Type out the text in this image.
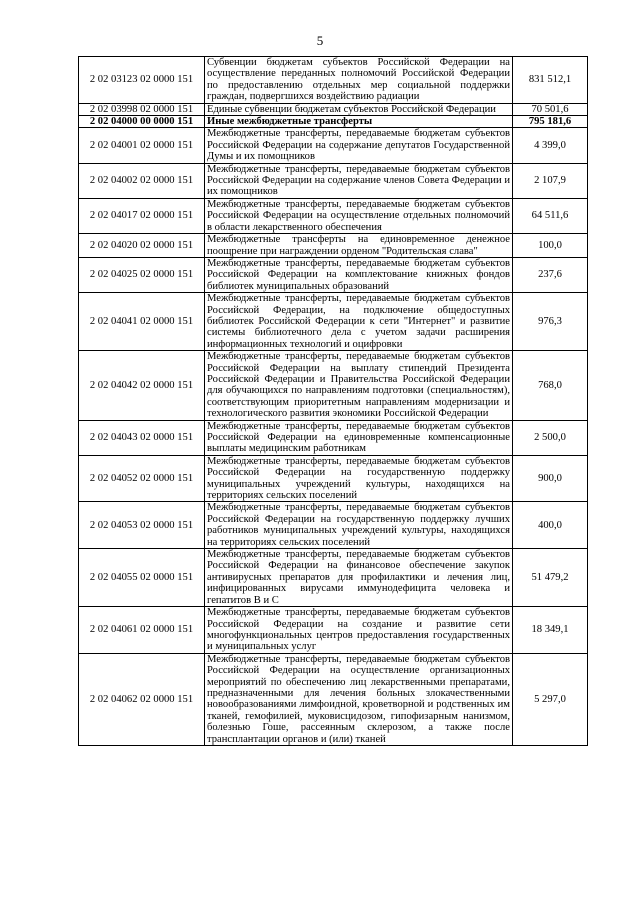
5
2 02 03123 02 0000 151	Субвенции бюджетам субъектов Российской Федерации на осуществление переданных полномочий Российской Федерации по предоставлению отдельных мер социальной поддержки граждан, подвергшихся воздействию радиации	831 512,1
2 02 03998 02 0000 151	Единые субвенции бюджетам субъектов Российской Федерации	70 501,6
2 02 04000 00 0000 151	Иные межбюджетные трансферты	795 181,6
2 02 04001 02 0000 151	Межбюджетные трансферты, передаваемые бюджетам субъектов Российской Федерации на содержание депутатов Государственной Думы и их помощников	4 399,0
2 02 04002 02 0000 151	Межбюджетные трансферты, передаваемые бюджетам субъектов Российской Федерации на содержание членов Совета Федерации и их помощников	2 107,9
2 02 04017 02 0000 151	Межбюджетные трансферты, передаваемые бюджетам субъектов Российской Федерации на осуществление отдельных полномочий в области лекарственного обеспечения	64 511,6
2 02 04020 02 0000 151	Межбюджетные трансферты на единовременное денежное поощрение при награждении орденом "Родительская слава"	100,0
2 02 04025 02 0000 151	Межбюджетные трансферты, передаваемые бюджетам субъектов Российской Федерации на комплектование книжных фондов библиотек муниципальных образований	237,6
2 02 04041 02 0000 151	Межбюджетные трансферты, передаваемые бюджетам субъектов Российской Федерации, на подключение общедоступных библиотек Российской Федерации к сети "Интернет" и развитие системы библиотечного дела с учетом задачи расширения информационных технологий и оцифровки	976,3
2 02 04042 02 0000 151	Межбюджетные трансферты, передаваемые бюджетам субъектов Российской Федерации на выплату стипендий Президента Российской Федерации и Правительства Российской Федерации для обучающихся по направлениям подготовки (специальностям), соответствующим приоритетным направлениям модернизации и технологического развития экономики Российской Федерации	768,0
2 02 04043 02 0000 151	Межбюджетные трансферты, передаваемые бюджетам субъектов Российской Федерации на единовременные компенсационные выплаты медицинским работникам	2 500,0
2 02 04052 02 0000 151	Межбюджетные трансферты, передаваемые бюджетам субъектов Российской Федерации на государственную поддержку муниципальных учреждений культуры, находящихся на территориях сельских поселений	900,0
2 02 04053 02 0000 151	Межбюджетные трансферты, передаваемые бюджетам субъектов Российской Федерации на государственную поддержку лучших работников муниципальных учреждений культуры, находящихся на территориях сельских поселений	400,0
2 02 04055 02 0000 151	Межбюджетные трансферты, передаваемые бюджетам субъектов Российской Федерации на финансовое обеспечение закупок антивирусных препаратов для профилактики и лечения лиц, инфицированных вирусами иммунодефицита человека и гепатитов В и С	51 479,2
2 02 04061 02 0000 151	Межбюджетные трансферты, передаваемые бюджетам субъектов Российской Федерации на создание и развитие сети многофункциональных центров предоставления государственных и муниципальных услуг	18 349,1
2 02 04062 02 0000 151	Межбюджетные трансферты, передаваемые бюджетам субъектов Российской Федерации на осуществление организационных мероприятий по обеспечению лиц лекарственными препаратами, предназначенными для лечения больных злокачественными новообразованиями лимфоидной, кроветворной и родственных им тканей, гемофилией, муковисцидозом, гипофизарным нанизмом, болезнью Гоше, рассеянным склерозом, а также после трансплантации органов и (или) тканей	5 297,0
